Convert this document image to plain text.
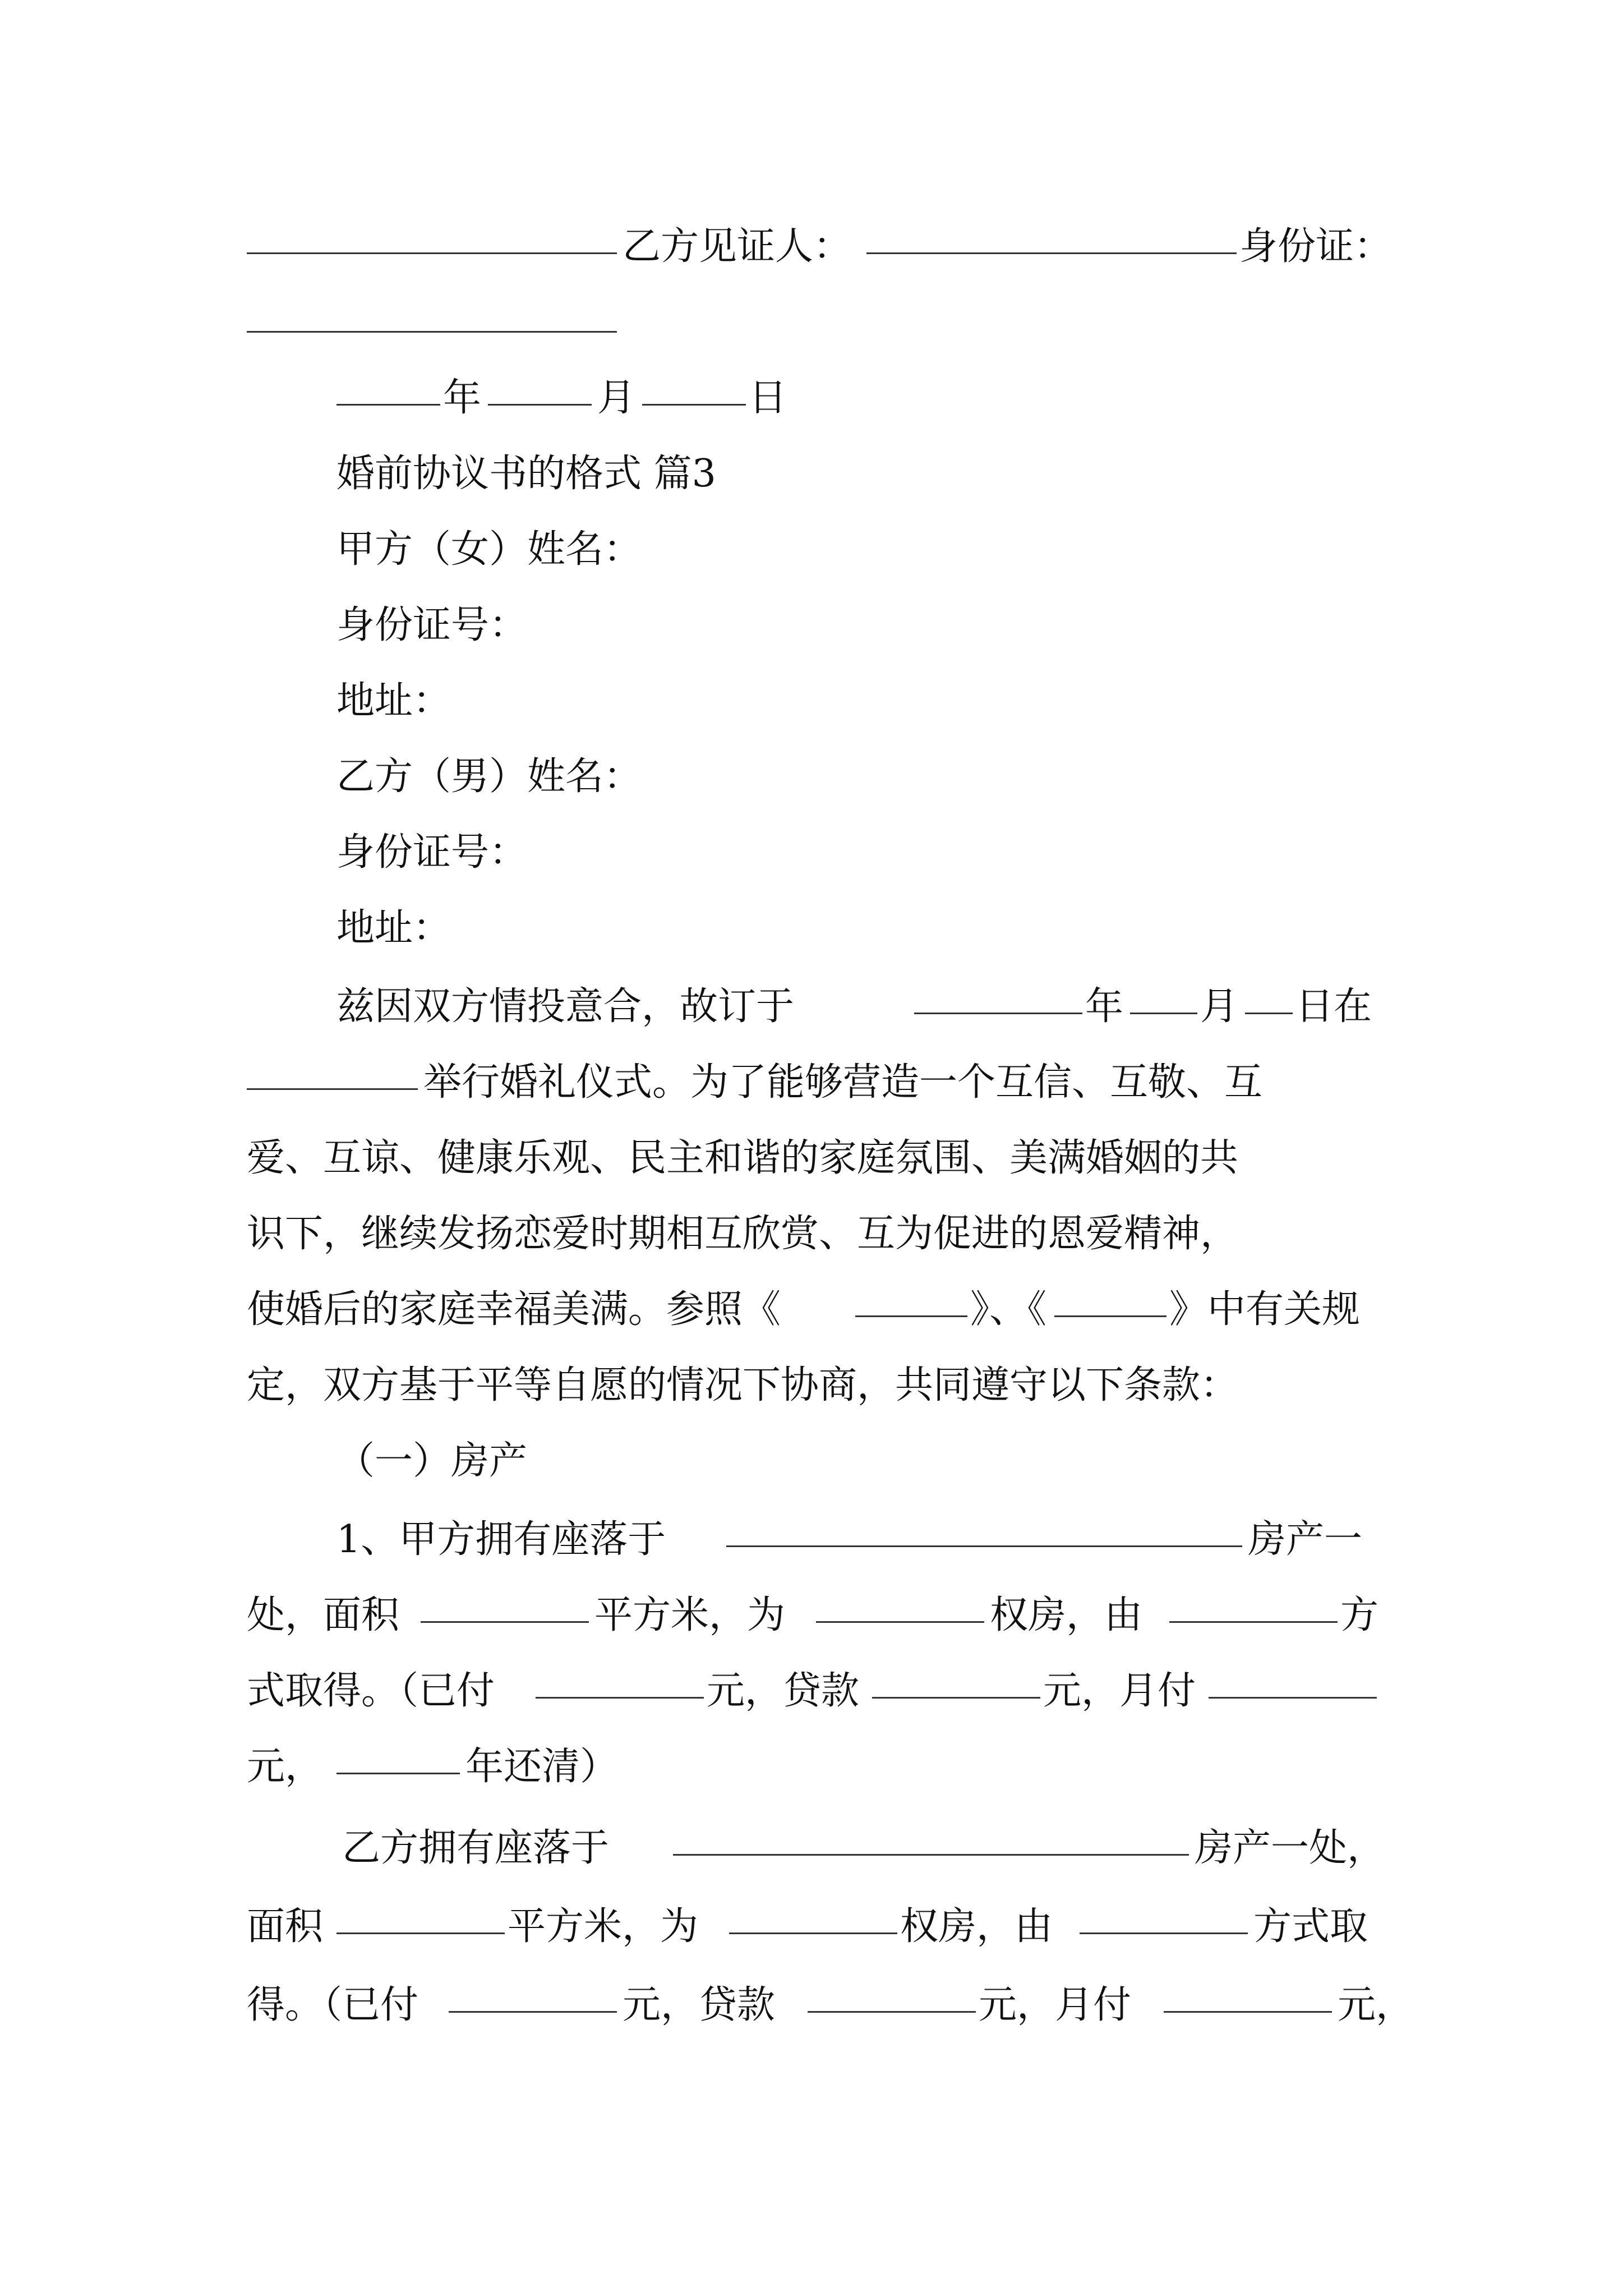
乙方见证人：	身份证：
年	月	日
婚前协议书的格式 篇3
甲方（女）姓名：
身份证号：
地址：
乙方（男）姓名：
身份证号：
地址：
兹因双方情投意合，故订于	年 月 日在
举行婚礼仪式。为了能够营造一个互信、互敬、互
爱、互谅、健康乐观、民主和谐的家庭氛围、美满婚姻的共
识下，继续发扬恋爱时期相互欣赏、互为促进的恩爱精神，
使婚后的家庭幸福美满。参照《	》、《	》中有关规
定，双方基于平等自愿的情况下协商，共同遵守以下条款：
（一）房产
1、甲方拥有座落于	房产一
处，面积	平方米，为	权房，由	方
式取得。（已付	元，贷款	元，月付
元，	年还清）
乙方拥有座落于	房产一处，
面积	平方米，为	权房，由	方式取
得。（已付	元，贷款	元，月付	元，
